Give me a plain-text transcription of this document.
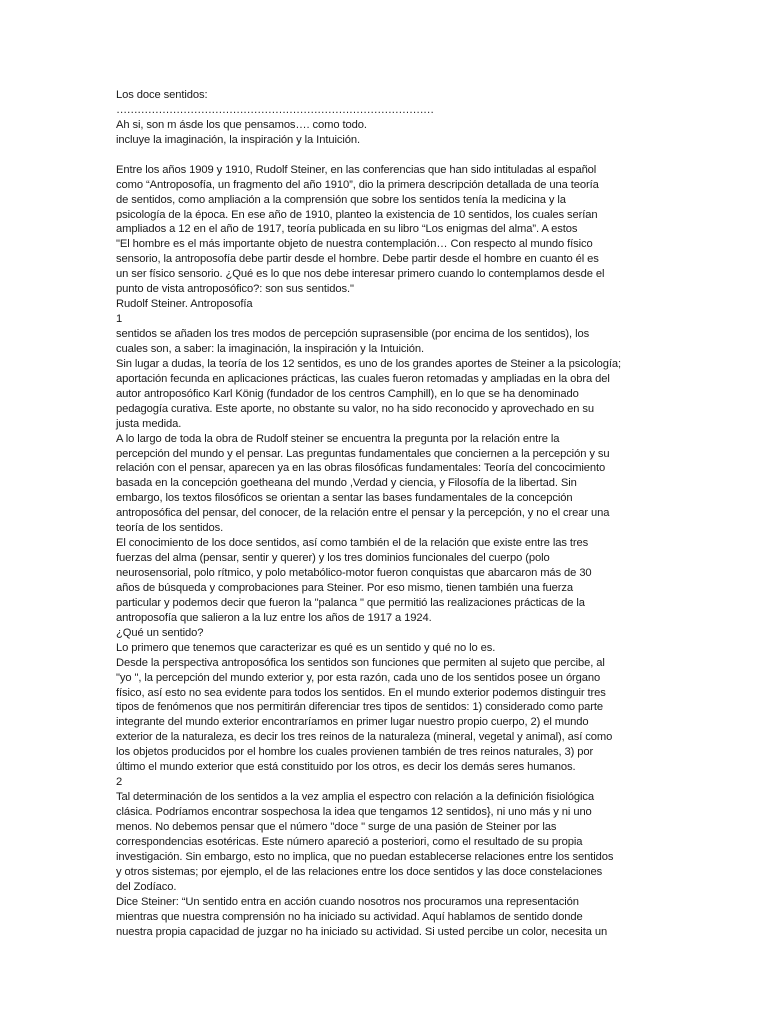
Los doce sentidos:
………………………………………………………………………………
Ah si, son m ásde los que pensamos…. como todo.
incluye la imaginación, la inspiración y la Intuición.
Entre los años 1909 y 1910, Rudolf Steiner, en las conferencias que han sido intituladas al español
como “Antroposofía, un fragmento del año 1910”, dio la primera descripción detallada de una teoría
de sentidos, como ampliación a la comprensión que sobre los sentidos tenía la medicina y la
psicología de la época. En ese año de 1910, planteo la existencia de 10 sentidos, los cuales serían
ampliados a 12 en el año de 1917, teoría publicada en su libro “Los enigmas del alma”. A estos
"El hombre es el más importante objeto de nuestra contemplación… Con respecto al mundo físico
sensorio, la antroposofía debe partir desde el hombre. Debe partir desde el hombre en cuanto él es
un ser físico sensorio. ¿Qué es lo que nos debe interesar primero cuando lo contemplamos desde el
punto de vista antroposófico?: son sus sentidos."
Rudolf Steiner. Antroposofía
1
sentidos se añaden los tres modos de percepción suprasensible (por encima de los sentidos), los
cuales son, a saber: la imaginación, la inspiración y la Intuición.
Sin lugar a dudas, la teoría de los 12 sentidos, es uno de los grandes aportes de Steiner a la psicología;
aportación fecunda en aplicaciones prácticas, las cuales fueron retomadas y ampliadas en la obra del
autor antroposófico Karl König (fundador de los centros Camphill), en lo que se ha denominado
pedagogía curativa. Este aporte, no obstante su valor, no ha sido reconocido y aprovechado en su
justa medida.
A lo largo de toda la obra de Rudolf steiner se encuentra la pregunta por la relación entre la
percepción del mundo y el pensar. Las preguntas fundamentales que conciernen a la percepción y su
relación con el pensar, aparecen ya en las obras filosóficas fundamentales: Teoría del concocimiento
basada en la concepción goetheana del mundo ,Verdad y ciencia, y Filosofía de la libertad. Sin
embargo, los textos filosóficos se orientan a sentar las bases fundamentales de la concepción
antroposófica del pensar, del conocer, de la relación entre el pensar y la percepción, y no el crear una
teoría de los sentidos.
El conocimiento de los doce sentidos, así como también el de la relación que existe entre las tres
fuerzas del alma (pensar, sentir y querer) y los tres dominios funcionales del cuerpo (polo
neurosensorial, polo rítmico, y polo metabólico-motor fueron conquistas que abarcaron más de 30
años de búsqueda y comprobaciones para Steiner. Por eso mismo, tienen también una fuerza
particular y podemos decir que fueron la "palanca " que permitió las realizaciones prácticas de la
antroposofía que salieron a la luz entre los años de 1917 a 1924.
¿Qué un sentido?
Lo primero que tenemos que caracterizar es qué es un sentido y qué no lo es.
Desde la perspectiva antroposófica los sentidos son funciones que permiten al sujeto que percibe, al
"yo ", la percepción del mundo exterior y, por esta razón, cada uno de los sentidos posee un órgano
físico, así esto no sea evidente para todos los sentidos. En el mundo exterior podemos distinguir tres
tipos de fenómenos que nos permitirán diferenciar tres tipos de sentidos: 1) considerado como parte
integrante del mundo exterior encontraríamos en primer lugar nuestro propio cuerpo, 2) el mundo
exterior de la naturaleza, es decir los tres reinos de la naturaleza (mineral, vegetal y animal), así como
los objetos producidos por el hombre los cuales provienen también de tres reinos naturales, 3) por
último el mundo exterior que está constituido por los otros, es decir los demás seres humanos.
2
Tal determinación de los sentidos a la vez amplia el espectro con relación a la definición fisiológica
clásica. Podríamos encontrar sospechosa la idea que tengamos 12 sentidos}, ni uno más y ni uno
menos. No debemos pensar que el número "doce " surge de una pasión de Steiner por las
correspondencias esotéricas. Este número apareció a posteriori, como el resultado de su propia
investigación. Sin embargo, esto no implica, que no puedan establecerse relaciones entre los sentidos
y otros sistemas; por ejemplo, el de las relaciones entre los doce sentidos y las doce constelaciones
del Zodíaco.
Dice Steiner: “Un sentido entra en acción cuando nosotros nos procuramos una representación
mientras que nuestra comprensión no ha iniciado su actividad. Aquí hablamos de sentido donde
nuestra propia capacidad de juzgar no ha iniciado su actividad. Si usted percibe un color, necesita un
